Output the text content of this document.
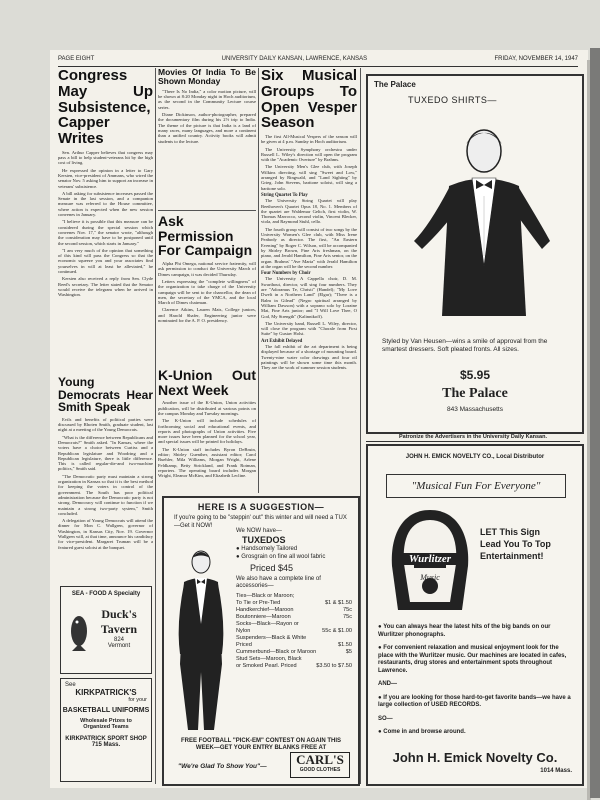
PAGE EIGHT	UNIVERSITY DAILY KANSAN, LAWRENCE, KANSAS	FRIDAY, NOVEMBER 14, 1947
Congress May Up Subsistence, Capper Writes

Sen. Arthur Capper believes that congress may pass a bill to help student-veterans hit by the high cost of living.

He expressed the opinion in a letter to Gary Kersten, vice-president of Ammans, who wired the senator Nov. 5 asking him to support an increase in veterans' subsistence.

A bill asking for subsistence increases passed the Senate in the last session, and a companion measure was referred to the House committee, where action is expected when the new session convenes in January.

"I believe it is possible that this measure can be considered during the special session which convenes Nov. 17," the senator wrote, "although the consideration may have to be postponed until the second session, which starts in January."

"I am very much of the opinion that something of this kind will pass the Congress so that the economic squeeze you and your associates find yourselves in will at least be alleviated," he continued.

Kersten also received a reply from Sen. Clyde Reed's secretary. The letter stated that the Senator would receive the telegram when he arrived in Washington.

Young Democrats Hear Smith Speak

Evils and benefits of political parties were discussed by Rhoten Smith, graduate student, last night at a meeting of the Young Democrats.

"What is the difference between Republicans and Democrats?" Smith asked. "In Kansas, where the voters have a choice between Curtiss and a Republican legislature and Woodring and a Republican legislature, there is little difference. This is called regular-die-and two-machine politics," Smith said.

"The Democratic party must maintain a strong organization in Kansas so that it is the best method for keeping the voters in control of the government. The South has poor political administration because the Democratic party is not strong. Democracy will continue to function if we maintain a strong two-party system," Smith concluded.

A delegation of Young Democrats will attend the dinner for Mon C. Wallgren, governor of Washington, in Kansas City, Nov. 19. Governor Wallgren will, at that time, announce his candidacy for vice-president. Margaret Truman will be a featured guest soloist at the banquet.

SEA - FOOD A Specialty
Duck's Tavern
824
Vermont
See
KIRKPATRICK'S
for your
BASKETBALL UNIFORMS
Wholesale Prizes to Organized Teams
KIRKPATRICK SPORT SHOP
715 Mass.
Movies Of India To Be Shown Monday

"There Is No India," a color motion picture, will be shown at 8:20 Monday night in Hoch auditorium, as the second in the Community Lecture course series.

Diane Dickinson, author-photographer, prepared the documentary film during his 2½ trip to India. The theme of the picture is that India is a land of many races, many languages, and more a continent than a unified country. Activity books will admit students to the lecture.

Ask Permission For Campaign

Alpha Phi Omega, national service fraternity, will ask permission to conduct the University March of Dimes campaign, it was decided Thursday.

Letters expressing the "complete willingness" of the organization to take charge of the University campaign will be sent to the chancellor, the dean of men, the secretary of the YMCA, and the local March of Dimes chairman.

Clarence Atkins, Lauren Mais, College juniors, and Harold Shafer, Engineering junior were nominated for the A. P. O. presidency.

K-Union Out Next Week

Another issue of the K-Union, Union activities publication, will be distributed at various points on the campus Monday and Tuesday mornings.

The K-Union will include schedules of forthcoming social and educational events, and reports and photographs of Union activities. Five more issues have been planned for the school year, and special issues will be printed for holidays.

The K-Union staff includes Byron DeBruin, editor; Shirley Guenther, assistant editor; Carol Buehler, Mila Williams, Morgan Wright, Arlene Feldkamp, Betty Strickland, and Frank Rotman, reporters. The operating board includes Morgan Wright, Eleanor McKim, and Elizabeth Lecline.

Six Musical Groups To Open Vesper Season

The first All-Musical Vespers of the season will be given at 4 p.m. Sunday in Hoch auditorium.

The University Symphony orchestra under Russell L. Wiley's direction will open the program with the "Academic Overture" by Brahms.

The University Men's Glee club, with Joseph Wilkins directing, will sing "Sweet and Low," arranged by Ringwald, and "Land Sighting" by Grieg. John Stevens, baritone soloist, will sing a baritone solo.

String Quartet To Play

The University String Quartet will play Beethoven's Quartet Opus 18, No. 1. Members of the quartet are Waldemar Geltch, first violin, W. Thomas Marrocco, second violin, Vincent Blecker, viola, and Raymond Stuhl, cello.

The fourth group will consist of two songs by the University Women's Glee club, with Miss Irene Peabody as director. The first, "An Eastern Evening" by Roger C. Wilson, will be accompanied by Shirley Brown, Fine Arts freshman, on the piano, and Jerald Hamilton, Fine Arts senior, on the organ. Brahms' "Ave Maria" with Jerald Hamilton at the organ will be the second number.

Four Numbers by Choir

The University A Cappella choir, D. M. Swarthout, director, will sing four numbers. They are "Adoramus Te, Christi" (Handel); "My Love Dwelt in a Northern Land" (Elgar); "There is a Balm in Gilead" (Negro spiritual arranged by William Dawson) with a soprano solo by Loraine Mai, Fine Arts junior; and "I Will Love Thee, O God, My Strength" (Kalinnikoff).

The University band, Russell L. Wiley, director, will close the program with "Chorale from First Suite" by Gustav Holst.

Art Exhibit Delayed

The fall exhibit of the art department is being displayed because of a shortage of mounting board. Twenty-nine water color drawings and four oil paintings will be shown some time this month. They are the work of summer session students.

The Palace
TUXEDO SHIRTS—
Styled by Van Heusen—wins a smile of approval from the smartest dressers. Soft pleated fronts. All sizes.
$5.95
The Palace
843 Massachusetts
Patronize the Advertisers in the University Daily Kansan.
JOHN H. EMICK NOVELTY CO., Local Distributor
"Musical Fun For Everyone"
Wurlitzer
Music
LET This Sign
Lead You To Top
Entertainment!
● You can always hear the latest hits of the big bands on our Wurlitzer phonographs.
● For convenient relaxation and musical enjoyment look for the place with the Wurlitzer music. Our machines are located in cafes, restaurants, drug stores and entertainment spots throughout Lawrence.
AND—
● If you are looking for those hard-to-get favorite bands—we have a large collection of USED RECORDS.
SO—
● Come in and browse around.
John H. Emick Novelty Co.
1014 Mass.
HERE IS A SUGGESTION—
If you're going to be "steppin' out" this winter and will need a TUX—Get it NOW!
We NOW have—
TUXEDOS
● Handsomely Tailored
● Grosgrain on fine all wool fabric
Priced $45
We also have a complete line of accessories—
Ties—Black or Maroon;
To Tie or Pre-Tied	$1 & $1.50
Handkerchief—Maroon	75c
Boutonniere—Maroon	75c
Socks—Black—Rayon or
Nylon	55c & $1.00
Suspenders—Black & White
Priced	$1.50
Cummerbund—Black or Maroon	$5
Stud Sets—Maroon, Black
or Smoked Pearl. Priced	$3.50 to $7.50
FREE FOOTBALL "PICK-EM" CONTEST ON AGAIN THIS WEEK—GET YOUR ENTRY BLANKS FREE AT
"We're Glad To Show You"—	CARL'S
GOOD CLOTHES
